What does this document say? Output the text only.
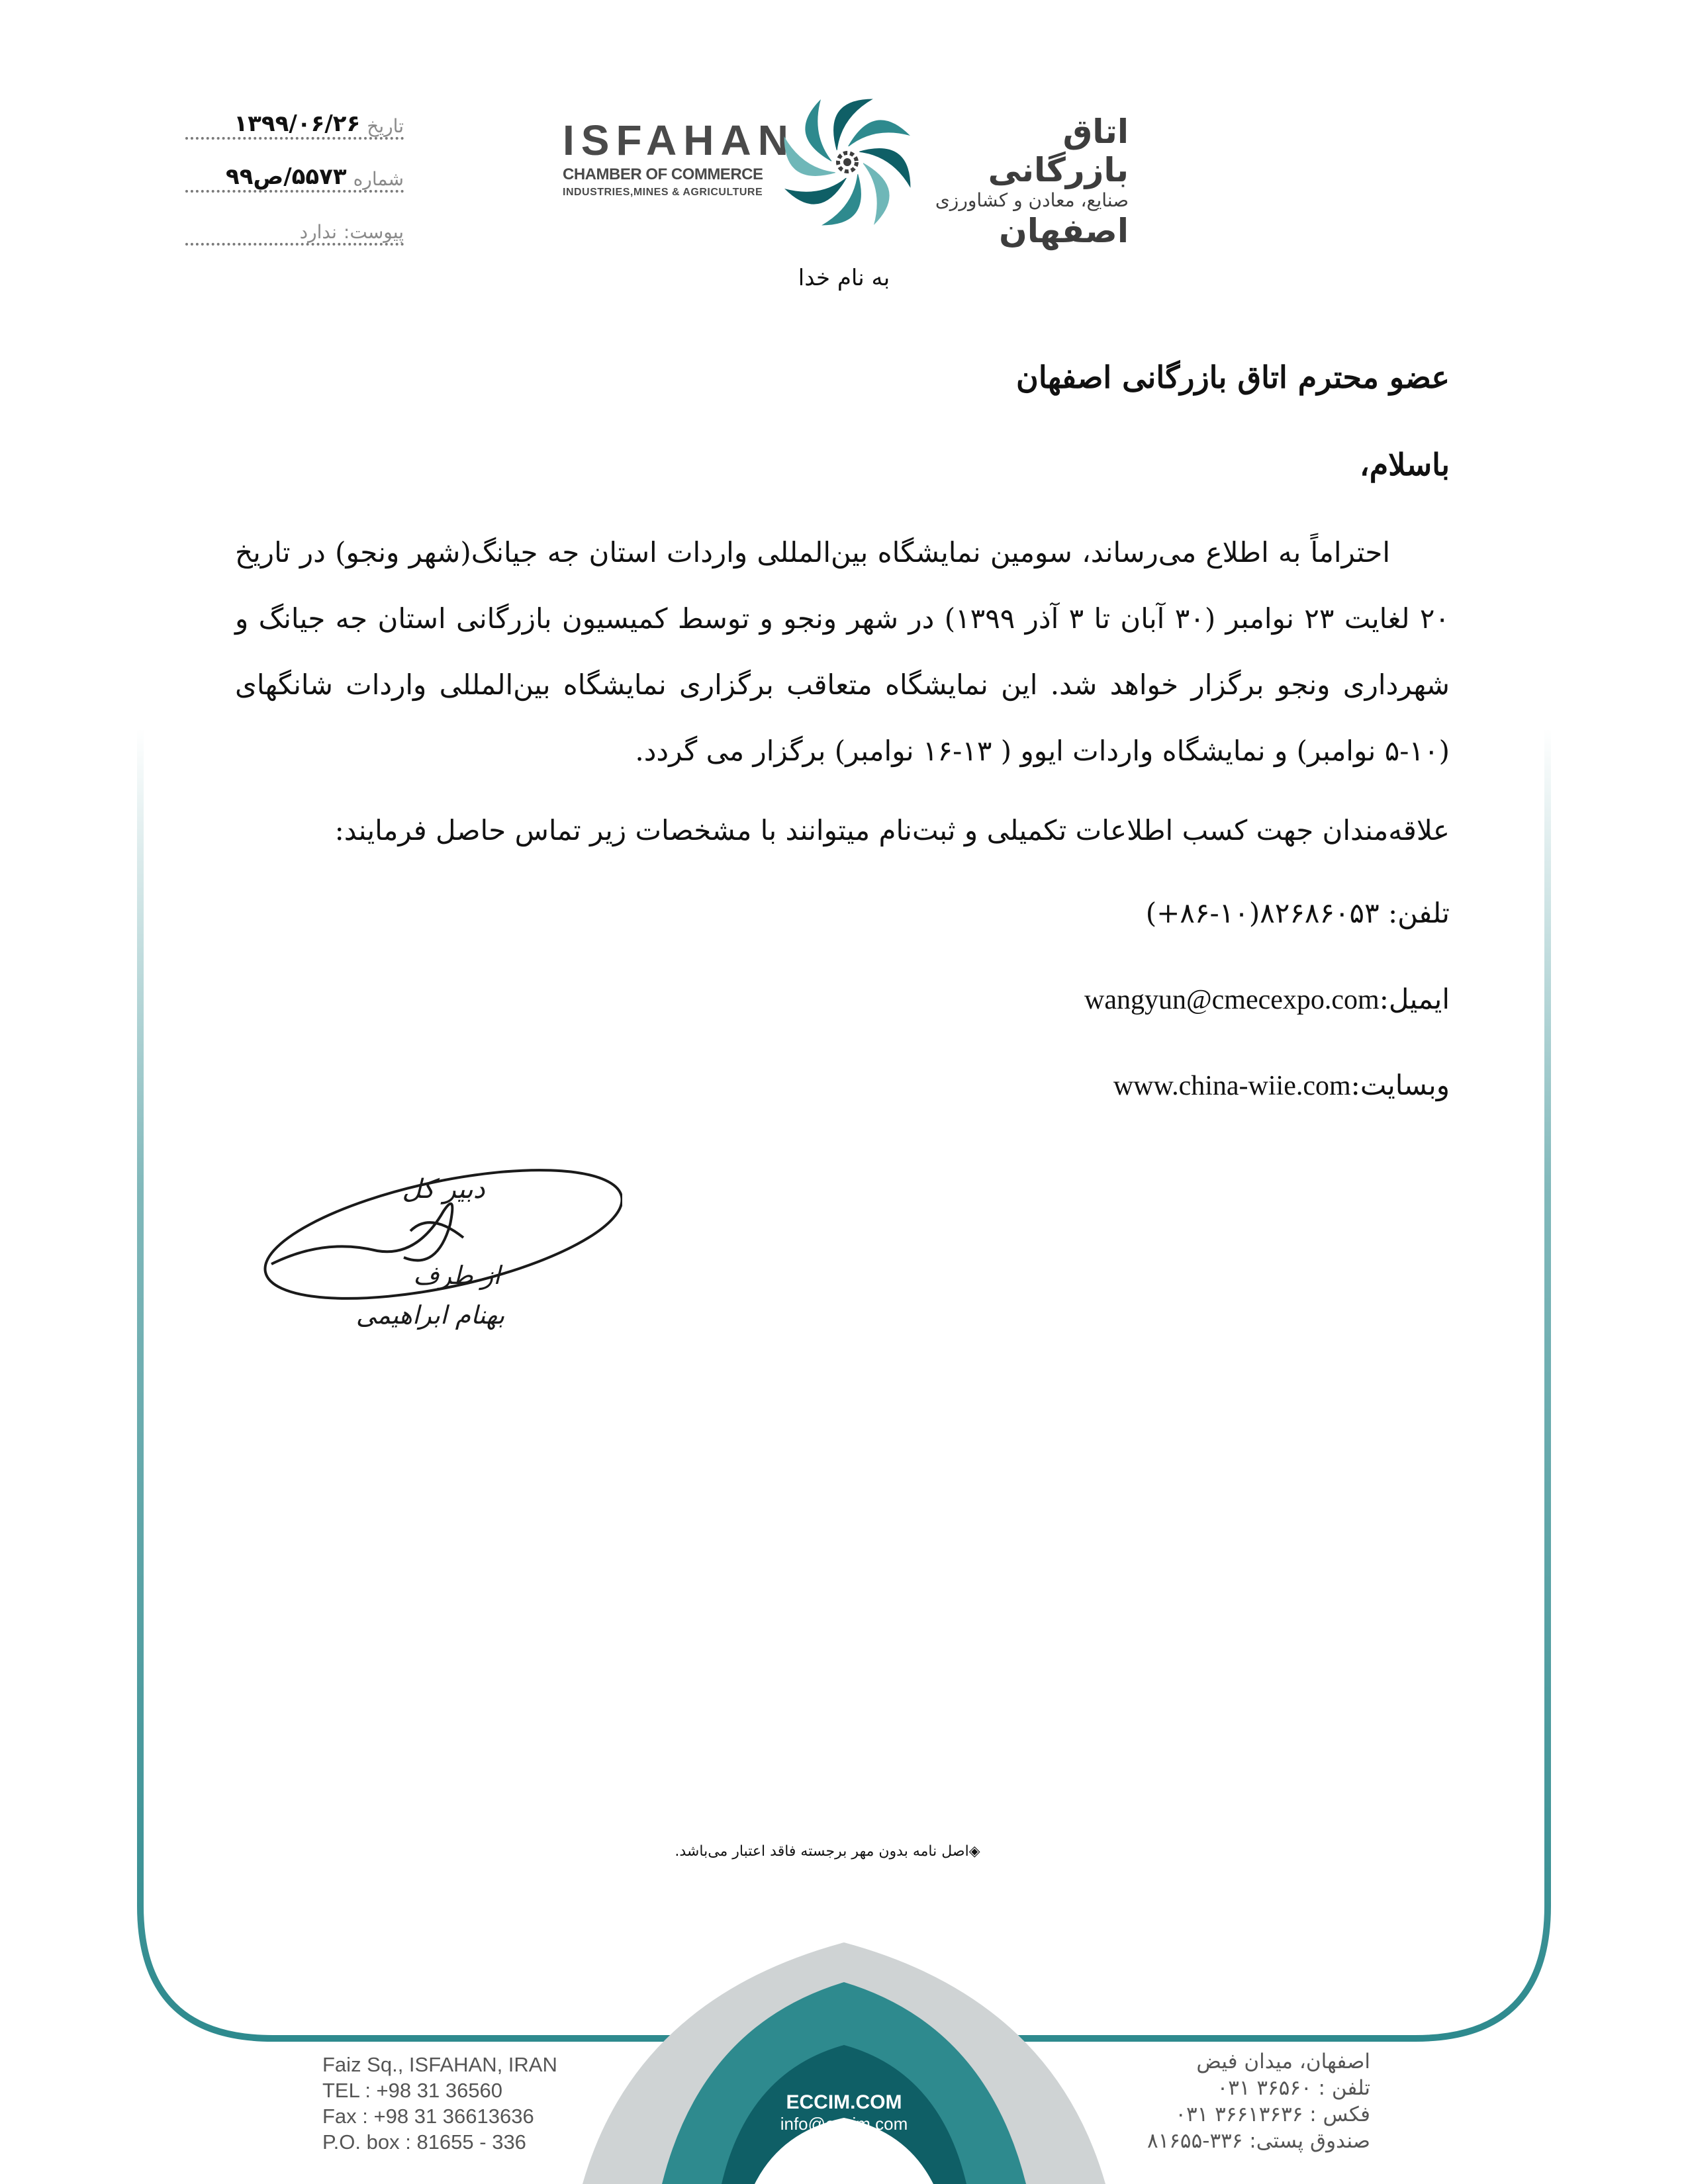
تاریخ
۱۳۹۹/۰۶/۲۶
شماره
۵۵۷۳/ص۹۹
پیوست:
ندارد
ISFAHAN
CHAMBER OF COMMERCE
INDUSTRIES,MINES & AGRICULTURE
اتاق بازرگانی
صنایع، معادن و کشاورزی
اصفهان
به نام خدا

عضو محترم اتاق بازرگانی اصفهان

باسلام،

احتراماً به اطلاع می‌رساند، سومین نمایشگاه بین‌المللی واردات استان جه جیانگ(شهر ونجو) در تاریخ ۲۰ لغایت ۲۳ نوامبر (۳۰ آبان تا ۳ آذر ۱۳۹۹) در شهر ونجو و توسط کمیسیون بازرگانی استان جه جیانگ و شهرداری ونجو برگزار خواهد شد. این نمایشگاه متعاقب برگزاری نمایشگاه بین‌المللی واردات شانگهای (۱۰-۵ نوامبر) و نمایشگاه واردات ایوو ( ۱۳-۱۶ نوامبر) برگزار می گردد.

علاقه‌مندان جهت کسب اطلاعات تکمیلی و ثبت‌نام میتوانند با مشخصات زیر تماس حاصل فرمایند:

تلفن: ۸۲۶۸۶۰۵۳(۱۰-۸۶+)

ایمیل:wangyun@cmecexpo.com

وبسایت:www.china-wiie.com

دبیر کل
از طرف
بهنام ابراهیمی
◈اصل نامه بدون مهر برجسته فاقد اعتبار می‌باشد.
Faiz Sq., ISFAHAN, IRAN
TEL : +98 31 36560
Fax : +98 31 36613636
P.O. box : 81655 - 336
ECCIM.COM
info@eccim.com
اصفهان، میدان فیض
تلفن : ۳۶۵۶۰ ۰۳۱
فکس : ۳۶۶۱۳۶۳۶ ۰۳۱
صندوق پستی: ۳۳۶-۸۱۶۵۵
